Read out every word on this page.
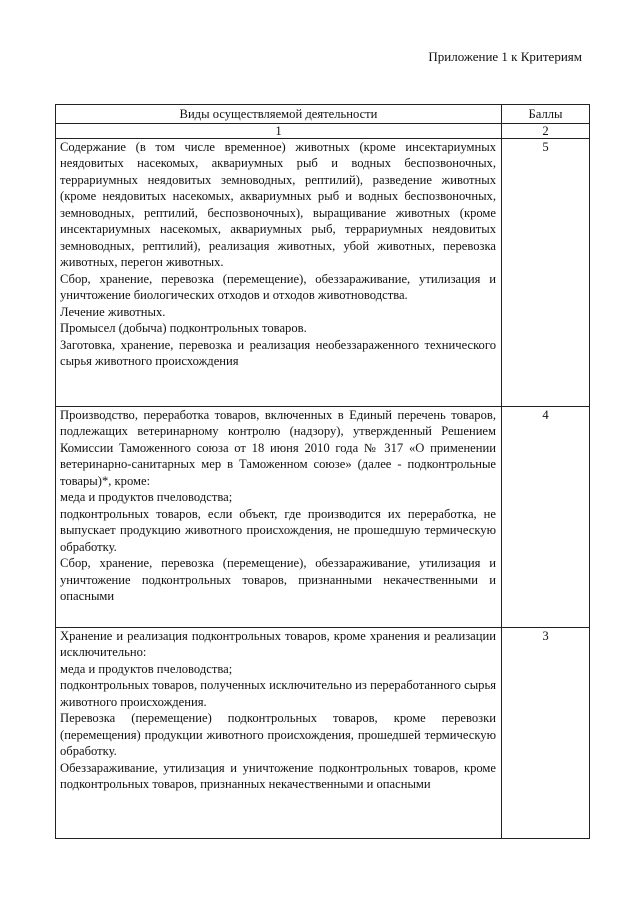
Приложение 1 к Критериям
Виды осуществляемой деятельности	Баллы
1	2

Содержание (в том числе временное) животных (кроме инсектариумных неядовитых насекомых, аквариумных рыб и водных беспозвоночных, террариумных неядовитых земноводных, рептилий), разведение животных (кроме неядовитых насекомых, аквариумных рыб и водных беспозвоночных, земноводных, рептилий, беспозвоночных), выращивание животных (кроме инсектариумных насекомых, аквариумных рыб, террариумных неядовитых земноводных, рептилий), реализация животных, убой животных, перевозка животных, перегон животных.

Сбор, хранение, перевозка (перемещение), обеззараживание, утилизация и уничтожение биологических отходов и отходов животноводства.

Лечение животных.

Промысел (добыча) подконтрольных товаров.

Заготовка, хранение, перевозка и реализация необеззараженного технического сырья животного происхождения	5

Производство, переработка товаров, включенных в Единый перечень товаров, подлежащих ветеринарному контролю (надзору), утвержденный Решением Комиссии Таможенного союза от 18 июня 2010 года № 317 «О применении ветеринарно-санитарных мер в Таможенном союзе» (далее - подконтрольные товары)*, кроме:

меда и продуктов пчеловодства;

подконтрольных товаров, если объект, где производится их переработка, не выпускает продукцию животного происхождения, не прошедшую термическую обработку.

Сбор, хранение, перевозка (перемещение), обеззараживание, утилизация и уничтожение подконтрольных товаров, признанными некачественными и опасными	4

Хранение и реализация подконтрольных товаров, кроме хранения и реализации исключительно:

меда и продуктов пчеловодства;

подконтрольных товаров, полученных исключительно из переработанного сырья животного происхождения.

Перевозка (перемещение) подконтрольных товаров, кроме перевозки (перемещения) продукции животного происхождения, прошедшей термическую обработку.

Обеззараживание, утилизация и уничтожение подконтрольных товаров, кроме подконтрольных товаров, признанных некачественными и опасными	3
